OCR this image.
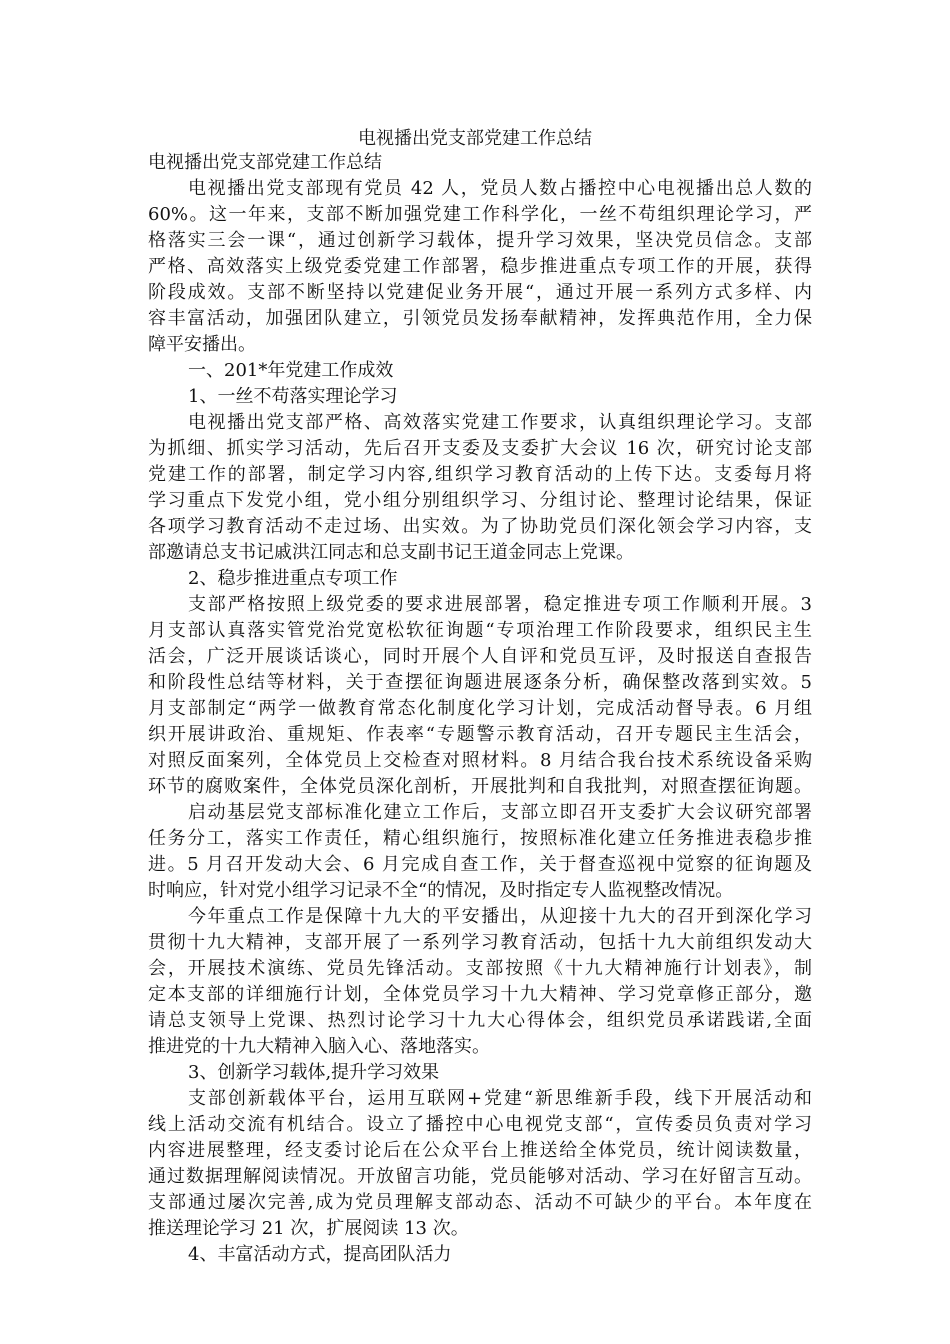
电视播出党支部党建工作总结
电视播出党支部党建工作总结
电视播出党支部现有党员 42 人，党员人数占播控中心电视播出总人数的
60%。这一年来，支部不断加强党建工作科学化，一丝不苟组织理论学习，严
格落实三会一课“，通过创新学习载体，提升学习效果，坚决党员信念。支部
严格、高效落实上级党委党建工作部署，稳步推进重点专项工作的开展，获得
阶段成效。支部不断坚持以党建促业务开展“，通过开展一系列方式多样、内
容丰富活动，加强团队建立，引领党员发扬奉献精神，发挥典范作用，全力保
障平安播出。
一、201*年党建工作成效
1、一丝不苟落实理论学习
电视播出党支部严格、高效落实党建工作要求，认真组织理论学习。支部
为抓细、抓实学习活动，先后召开支委及支委扩大会议 16 次，研究讨论支部
党建工作的部署，制定学习内容,组织学习教育活动的上传下达。支委每月将
学习重点下发党小组，党小组分别组织学习、分组讨论、整理讨论结果，保证
各项学习教育活动不走过场、出实效。为了协助党员们深化领会学习内容，支
部邀请总支书记戚洪江同志和总支副书记王道金同志上党课。
2、稳步推进重点专项工作
支部严格按照上级党委的要求进展部署，稳定推进专项工作顺利开展。3
月支部认真落实管党治党宽松软征询题“专项治理工作阶段要求，组织民主生
活会，广泛开展谈话谈心，同时开展个人自评和党员互评，及时报送自查报告
和阶段性总结等材料，关于查摆征询题进展逐条分析，确保整改落到实效。5
月支部制定“两学一做教育常态化制度化学习计划，完成活动督导表。6 月组
织开展讲政治、重规矩、作表率“专题警示教育活动，召开专题民主生活会，
对照反面案列，全体党员上交检查对照材料。8 月结合我台技术系统设备采购
环节的腐败案件，全体党员深化剖析，开展批判和自我批判，对照查摆征询题。
启动基层党支部标准化建立工作后，支部立即召开支委扩大会议研究部署
任务分工，落实工作责任，精心组织施行，按照标准化建立任务推进表稳步推
进。5 月召开发动大会、6 月完成自查工作，关于督查巡视中觉察的征询题及
时响应，针对党小组学习记录不全“的情况，及时指定专人监视整改情况。
今年重点工作是保障十九大的平安播出，从迎接十九大的召开到深化学习
贯彻十九大精神，支部开展了一系列学习教育活动，包括十九大前组织发动大
会，开展技术演练、党员先锋活动。支部按照《十九大精神施行计划表》，制
定本支部的详细施行计划，全体党员学习十九大精神、学习党章修正部分，邀
请总支领导上党课、热烈讨论学习十九大心得体会，组织党员承诺践诺,全面
推进党的十九大精神入脑入心、落地落实。
3、创新学习载体,提升学习效果
支部创新载体平台，运用互联网+党建“新思维新手段，线下开展活动和
线上活动交流有机结合。设立了播控中心电视党支部“，宣传委员负责对学习
内容进展整理，经支委讨论后在公众平台上推送给全体党员，统计阅读数量，
通过数据理解阅读情况。开放留言功能，党员能够对活动、学习在好留言互动。
支部通过屡次完善,成为党员理解支部动态、活动不可缺少的平台。本年度在
推送理论学习 21 次，扩展阅读 13 次。
4、丰富活动方式，提高团队活力
